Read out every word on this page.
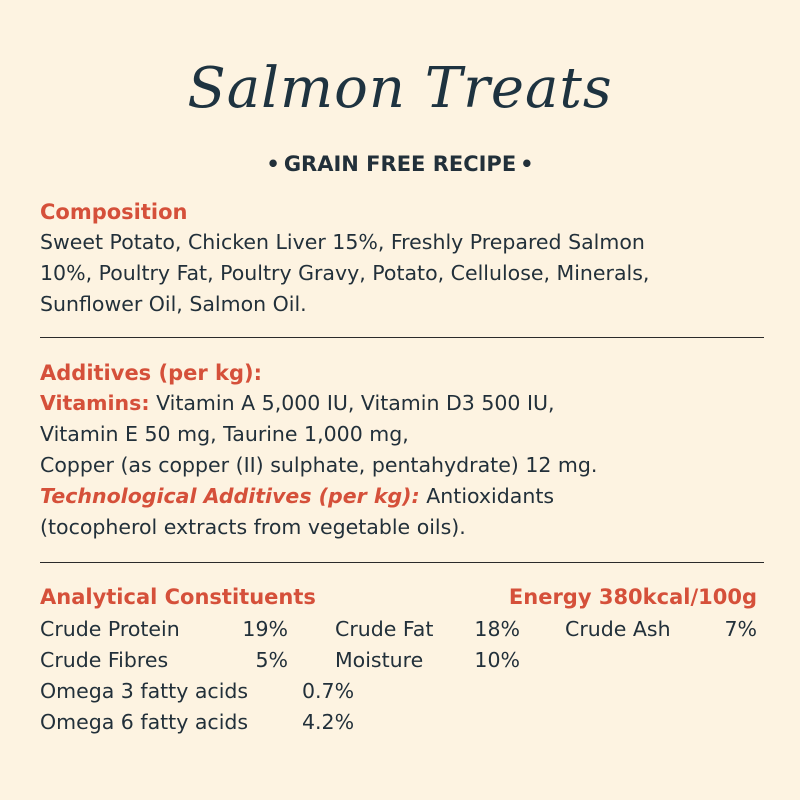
Salmon Treats
• GRAIN FREE RECIPE •
Composition
Sweet Potato, Chicken Liver 15%, Freshly Prepared Salmon
10%, Poultry Fat, Poultry Gravy, Potato, Cellulose, Minerals,
Sunflower Oil, Salmon Oil.
Additives (per kg):
Vitamins: Vitamin A 5,000 IU, Vitamin D3 500 IU,
Vitamin E 50 mg, Taurine 1,000 mg,
Copper (as copper (II) sulphate, pentahydrate) 12 mg.
Technological Additives (per kg): Antioxidants
(tocopherol extracts from vegetable oils).
Analytical Constituents	Energy 380kcal/100g
Crude Protein	19% Crude Fat	18% Crude Ash	7%
Crude Fibres	5% Moisture	10%
Omega 3 fatty acids	0.7%
Omega 6 fatty acids	4.2%
